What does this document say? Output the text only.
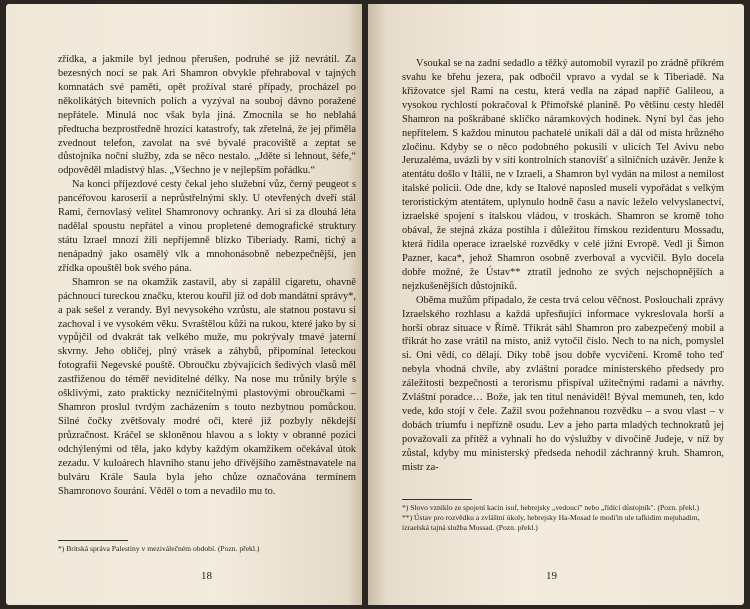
zřídka, a jakmile byl jednou přerušen, podruhé se již nevrátil. Za bezesných nocí se pak Ari Shamron obvykle přehraboval v tajných komnatách své paměti, opět prožíval staré případy, procházel po několikátých bitevních polích a vyzýval na souboj dávno poražené nepřátele. Minulá noc však byla jiná. Zmocnila se ho neblahá předtucha bezprostředně hrozící katastrofy, tak zřetelná, že jej přiměla zvednout telefon, zavolat na své bývalé pracoviště a zeptat se důstojníka noční služby, zda se něco nestalo. „Jděte si lehnout, šéfe,“ odpověděl mladistvý hlas. „Všechno je v nejlepším pořádku.“

Na konci příjezdové cesty čekal jeho služební vůz, černý peugeot s pancéřovou karoserií a neprůstřelnými skly. U otevřených dveří stál Rami, černovlasý velitel Shamronovy ochranky. Ari si za dlouhá léta nadělal spoustu nepřátel a vinou propletené demografické struktury státu Izrael mnozí žili nepříjemně blízko Tiberiady. Rami, tichý a nenápadný jako osamělý vlk a mnohonásobně nebezpečnější, jen zřídka opouštěl bok svého pána.

Shamron se na okamžik zastavil, aby si zapálil cigaretu, ohavně páchnoucí tureckou značku, kterou kouřil již od dob mandátní správy*, a pak sešel z verandy. Byl nevysokého vzrůstu, ale statnou postavu si zachoval i ve vysokém věku. Svraštělou kůži na rukou, které jako by si vypůjčil od dvakrát tak velkého muže, mu pokrývaly tmavé jaterní skvrny. Jeho obličej, plný vrásek a záhybů, připomínal leteckou fotografii Negevské pouště. Obroučku zbývajících šedivých vlasů měl zastřiženou do téměř neviditelné délky. Na nose mu trůnily brýle s ošklivými, zato prakticky nezničitelnými plastovými obroučkami – Shamron proslul tvrdým zacházením s touto nezbytnou pomůckou. Silné čočky zvětšovaly modré oči, které již pozbyly někdejší průzračnost. Kráčel se skloněnou hlavou a s lokty v obranné pozici odchýlenými od těla, jako kdyby každým okamžikem očekával útok zezadu. V kuloárech hlavního stanu jeho dřívějšího zaměstnavatele na bulváru Krále Saula byla jeho chůze označována termínem Shamronovo šourání. Věděl o tom a nevadilo mu to.

*) Britská správa Palestiny v meziválečném období. (Pozn. překl.)
18

Vsoukal se na zadní sedadlo a těžký automobil vyrazil po zrádně příkrém svahu ke břehu jezera, pak odbočil vpravo a vydal se k Tiberiadě. Na křižovatce sjel Rami na cestu, která vedla na západ napříč Galileou, a vysokou rychlostí pokračoval k Přímořské planině. Po většinu cesty hleděl Shamron na poškrábané sklíčko náramkových hodinek. Nyní byl čas jeho nepřítelem. S každou minutou pachatelé unikali dál a dál od místa hrůzného zločinu. Kdyby se o něco podobného pokusili v ulicích Tel Avivu nebo Jeruzaléma, uvázli by v síti kontrolních stanovišť a silničních uzávěr. Jenže k atentátu došlo v Itálii, ne v Izraeli, a Shamron byl vydán na milost a nemilost italské policii. Ode dne, kdy se Italové naposled museli vypořádat s velkým teroristickým atentátem, uplynulo hodně času a navíc leželo velvyslanectví, izraelské spojení s italskou vládou, v troskách. Shamron se kromě toho obával, že stejná zkáza postihla i důležitou římskou rezidenturu Mossadu, která řídila operace izraelské rozvědky v celé jižní Evropě. Vedl ji Šimon Pazner, kaca*, jehož Shamron osobně zverboval a vycvičil. Bylo docela dobře možné, že Ústav** ztratil jednoho ze svých nejschopnějších a nejzkušenějších důstojníků.

Oběma mužům připadalo, že cesta trvá celou věčnost. Poslouchali zprávy Izraelského rozhlasu a každá upřesňující informace vykreslovala horší a horší obraz situace v Římě. Třikrát sáhl Shamron pro zabezpečený mobil a třikrát ho zase vrátil na místo, aniž vytočil číslo. Nech to na nich, pomyslel si. Oni vědí, co dělají. Díky tobě jsou dobře vycvičení. Kromě toho teď nebyla vhodná chvíle, aby zvláštní poradce ministerského předsedy pro záležitosti bezpečnosti a terorismu přispíval užitečnými radami a návrhy. Zvláštní poradce… Bože, jak ten titul nenáviděl! Býval memuneh, ten, kdo vede, kdo stojí v čele. Zažil svou požehnanou rozvědku – a svou vlast – v dobách triumfu i nepřízně osudu. Lev a jeho parta mladých technokratů jej považovali za přítěž a vyhnali ho do výslužby v divočině Judeje, v níž by zůstal, kdyby mu ministerský předseda nehodil záchranný kruh. Shamron, mistr za-

*) Slovo vzniklo ze spojení kacin isuf, hebrejsky „vedoucí" nebo „řídící důstojník". (Pozn. překl.)
**) Ústav pro rozvědku a zvláštní úkoly, hebrejsky Ha-Mosad le modi'in ule tafkidim mejuhadim, izraelská tajná služba Mossad. (Pozn. překl.)
19
